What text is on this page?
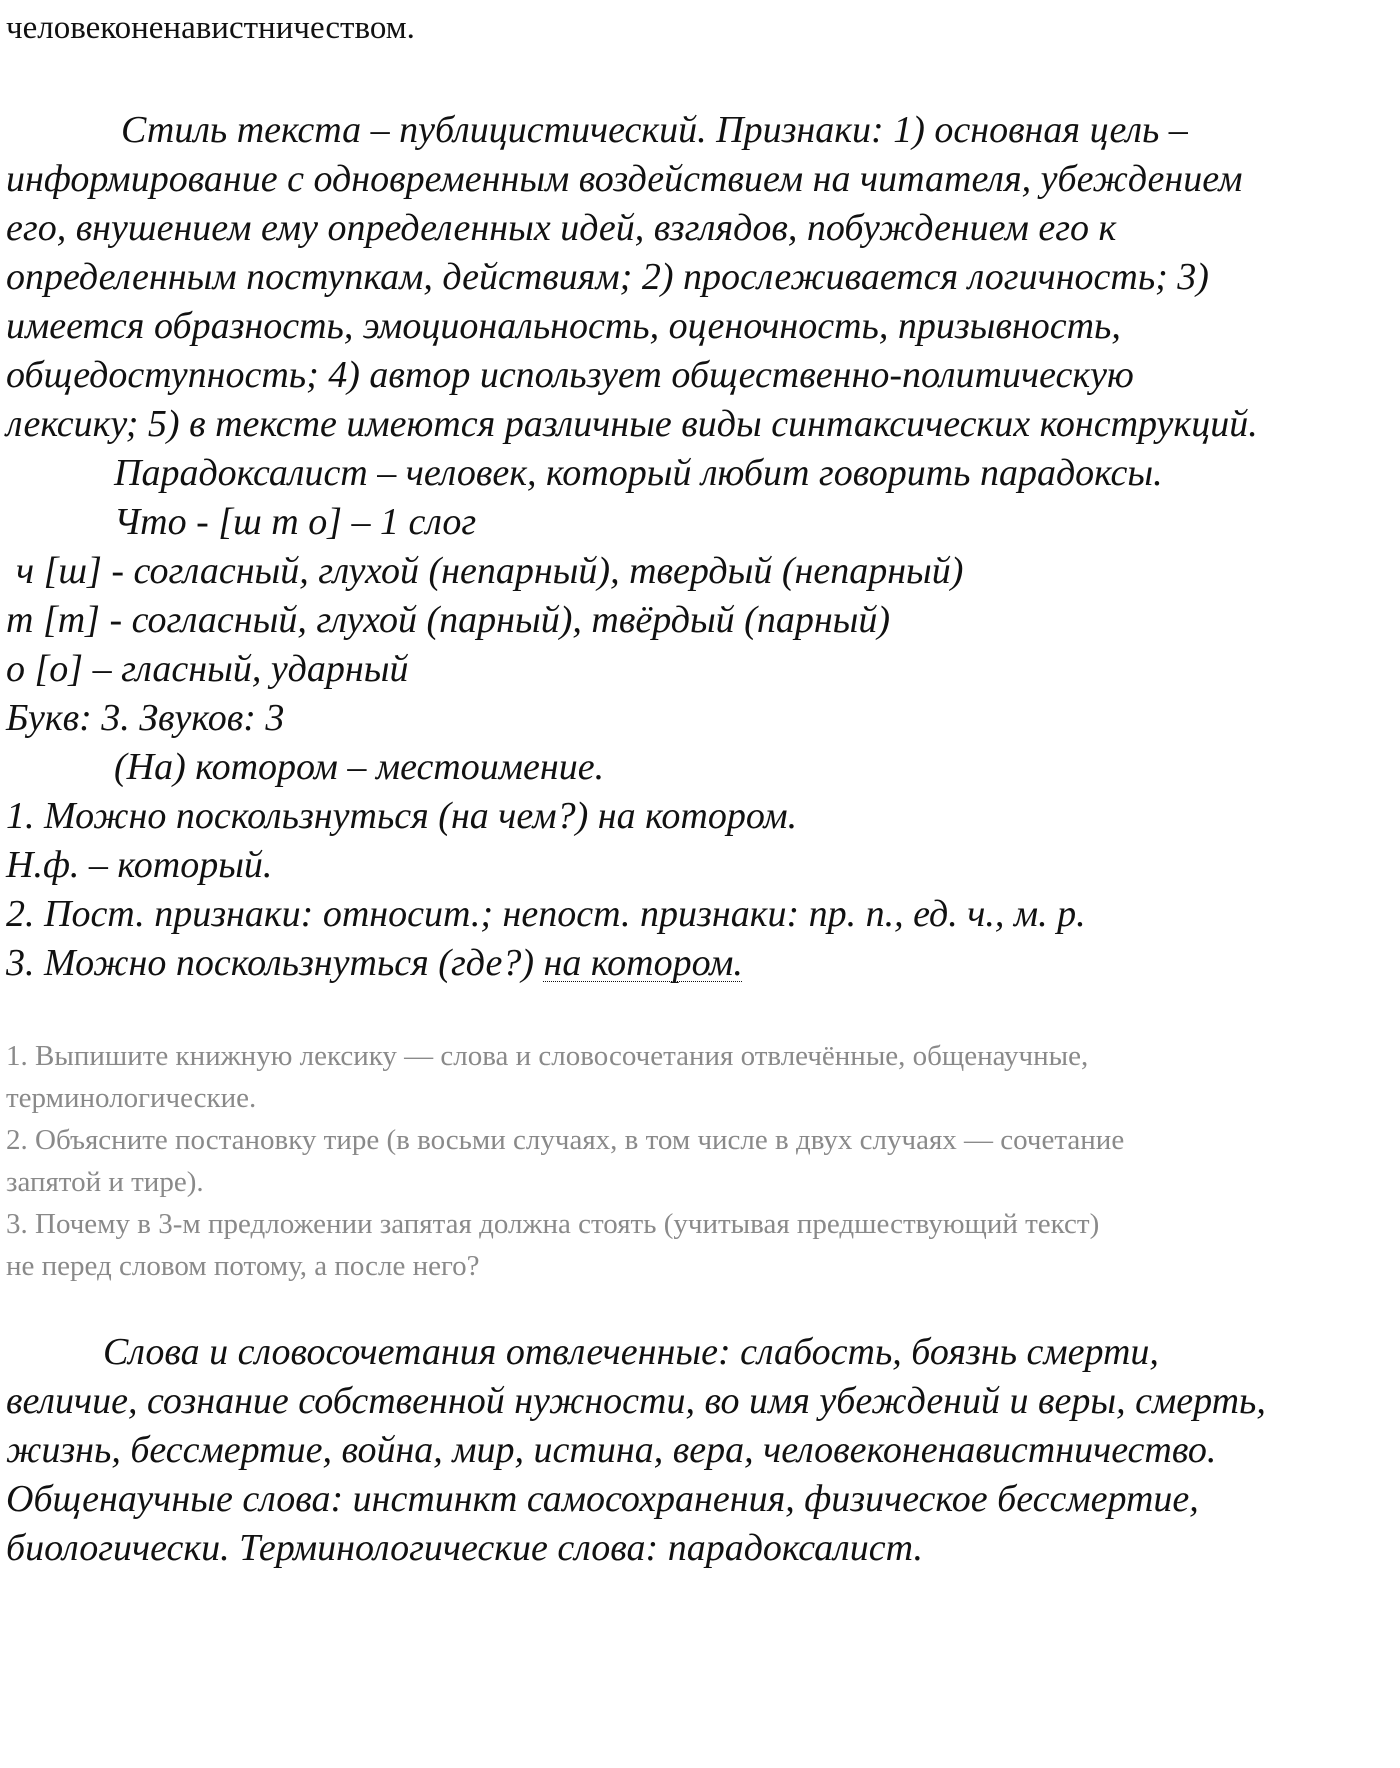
человеконенавистничеством.
Стиль текста – публицистический. Признаки: 1) основная цель –
информирование с одновременным воздействием на читателя, убеждением
его, внушением ему определенных идей, взглядов, побуждением его к
определенным поступкам, действиям; 2) прослеживается логичность; 3)
имеется образность, эмоциональность, оценочность, призывность,
общедоступность; 4) автор использует общественно-политическую
лексику; 5) в тексте имеются различные виды синтаксических конструкций.
Парадоксалист – человек, который любит говорить парадоксы.
Что - [ш т о] – 1 слог
ч [ш] - согласный, глухой (непарный), твердый (непарный)
т [т] - согласный, глухой (парный), твёрдый (парный)
о [о] – гласный, ударный
Букв: 3. Звуков: 3
(На) котором – местоимение.
1. Можно поскользнуться (на чем?) на котором.
Н.ф. – который.
2. Пост. признаки: относит.; непост. признаки: пр. п., ед. ч., м. р.
3. Можно поскользнуться (где?) на котором.
1. Выпишите книжную лексику — слова и словосочетания отвлечённые, общенаучные,
терминологические.
2. Объясните постановку тире (в восьми случаях, в том числе в двух случаях — сочетание
запятой и тире).
3. Почему в 3-м предложении запятая должна стоять (учитывая предшествующий текст)
не перед словом потому, а после него?
Слова и словосочетания отвлеченные: слабость, боязнь смерти,
величие, сознание собственной нужности, во имя убеждений и веры, смерть,
жизнь, бессмертие, война, мир, истина, вера, человеконенавистничество.
Общенаучные слова: инстинкт самосохранения, физическое бессмертие,
биологически. Терминологические слова: парадоксалист.
